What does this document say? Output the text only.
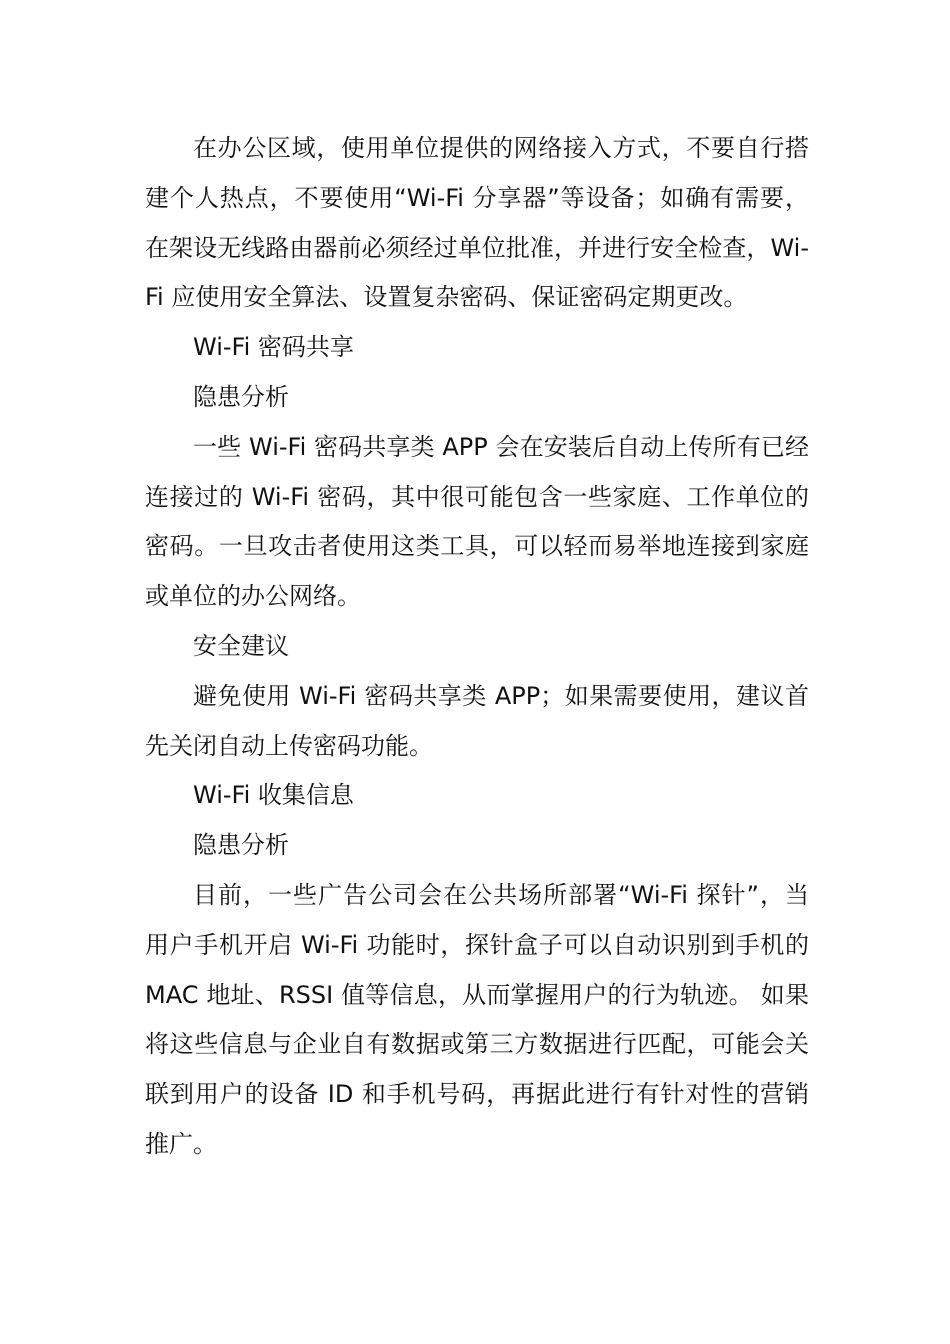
在办公区域，使用单位提供的网络接入方式，不要自行搭建个人热点，不要使用“Wi-Fi 分享器”等设备；如确有需要，在架设无线路由器前必须经过单位批准，并进行安全检查，Wi-Fi 应使用安全算法、设置复杂密码、保证密码定期更改。

Wi-Fi 密码共享

隐患分析

一些 Wi-Fi 密码共享类 APP 会在安装后自动上传所有已经连接过的 Wi-Fi 密码，其中很可能包含一些家庭、工作单位的密码。一旦攻击者使用这类工具，可以轻而易举地连接到家庭或单位的办公网络。

安全建议

避免使用 Wi-Fi 密码共享类 APP；如果需要使用，建议首先关闭自动上传密码功能。

Wi-Fi 收集信息

隐患分析

目前，一些广告公司会在公共场所部署“Wi-Fi 探针”，当用户手机开启 Wi-Fi 功能时，探针盒子可以自动识别到手机的 MAC 地址、RSSI 值等信息，从而掌握用户的行为轨迹。 如果将这些信息与企业自有数据或第三方数据进行匹配，可能会关联到用户的设备 ID 和手机号码，再据此进行有针对性的营销推广。
